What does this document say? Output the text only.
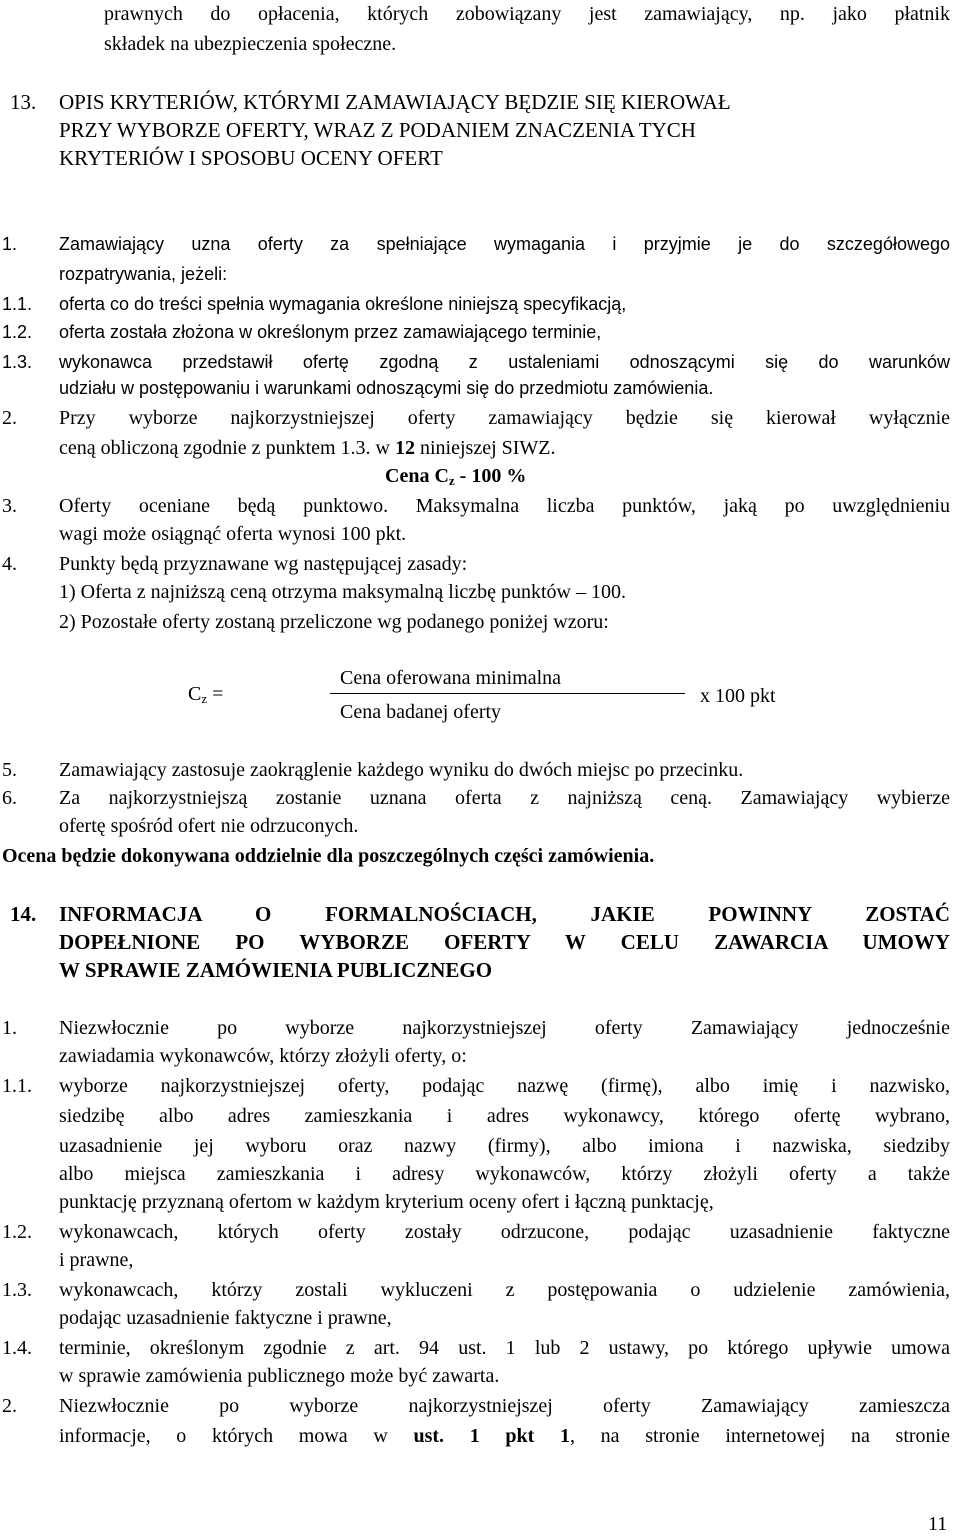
prawnych do opłacenia, których zobowiązany jest zamawiający, np. jako płatnik
składek na ubezpieczenia społeczne.
13. OPIS KRYTERIÓW, KTÓRYMI ZAMAWIAJĄCY BĘDZIE SIĘ KIEROWAŁ
PRZY WYBORZE OFERTY, WRAZ Z PODANIEM ZNACZENIA TYCH
KRYTERIÓW I SPOSOBU OCENY OFERT
1. Zamawiający uzna oferty za spełniające wymagania i przyjmie je do szczegółowego
rozpatrywania, jeżeli:
1.1. oferta co do treści spełnia wymagania określone niniejszą specyfikacją,
1.2. oferta została złożona w określonym przez zamawiającego terminie,
1.3. wykonawca przedstawił ofertę zgodną z ustaleniami odnoszącymi się do warunków
udziału w postępowaniu i warunkami odnoszącymi się do przedmiotu zamówienia.
2. Przy wyborze najkorzystniejszej oferty zamawiający będzie się kierował wyłącznie
ceną obliczoną zgodnie z punktem 1.3. w 12 niniejszej SIWZ.
Cena $C_z - 100$ %
3. Oferty oceniane będą punktowo. Maksymalna liczba punktów, jaką po uwzględnieniu
wagi może osiągnąć oferta wynosi 100 pkt.
4. Punkty będą przyznawane wg następującej zasady:
1) Oferta z najniższą ceną otrzyma maksymalną liczbę punktów – 100.
2) Pozostałe oferty zostaną przeliczone wg podanego poniżej wzoru:
$C_z$ =
Cena oferowana minimalna
Cena badanej oferty
x 100 pkt
5. Zamawiający zastosuje zaokrąglenie każdego wyniku do dwóch miejsc po przecinku.
6. Za najkorzystniejszą zostanie uznana oferta z najniższą ceną. Zamawiający wybierze
ofertę spośród ofert nie odrzuconych.
Ocena będzie dokonywana oddzielnie dla poszczególnych części zamówienia.
14. INFORMACJA O FORMALNOŚCIACH, JAKIE POWINNY ZOSTAĆ
DOPEŁNIONE PO WYBORZE OFERTY W CELU ZAWARCIA UMOWY
W SPRAWIE ZAMÓWIENIA PUBLICZNEGO
1. Niezwłocznie po wyborze najkorzystniejszej oferty Zamawiający jednocześnie
zawiadamia wykonawców, którzy złożyli oferty, o:
1.1. wyborze najkorzystniejszej oferty, podając nazwę (firmę), albo imię i nazwisko,
siedzibę albo adres zamieszkania i adres wykonawcy, którego ofertę wybrano,
uzasadnienie jej wyboru oraz nazwy (firmy), albo imiona i nazwiska, siedziby
albo miejsca zamieszkania i adresy wykonawców, którzy złożyli oferty a także
punktację przyznaną ofertom w każdym kryterium oceny ofert i łączną punktację,
1.2. wykonawcach, których oferty zostały odrzucone, podając uzasadnienie faktyczne
i prawne,
1.3. wykonawcach, którzy zostali wykluczeni z postępowania o udzielenie zamówienia,
podając uzasadnienie faktyczne i prawne,
1.4. terminie, określonym zgodnie z art. 94 ust. 1 lub 2 ustawy, po którego upływie umowa
w sprawie zamówienia publicznego może być zawarta.
2. Niezwłocznie po wyborze najkorzystniejszej oferty Zamawiający zamieszcza
informacje, o których mowa w ust. 1 pkt 1, na stronie internetowej na stronie
11
